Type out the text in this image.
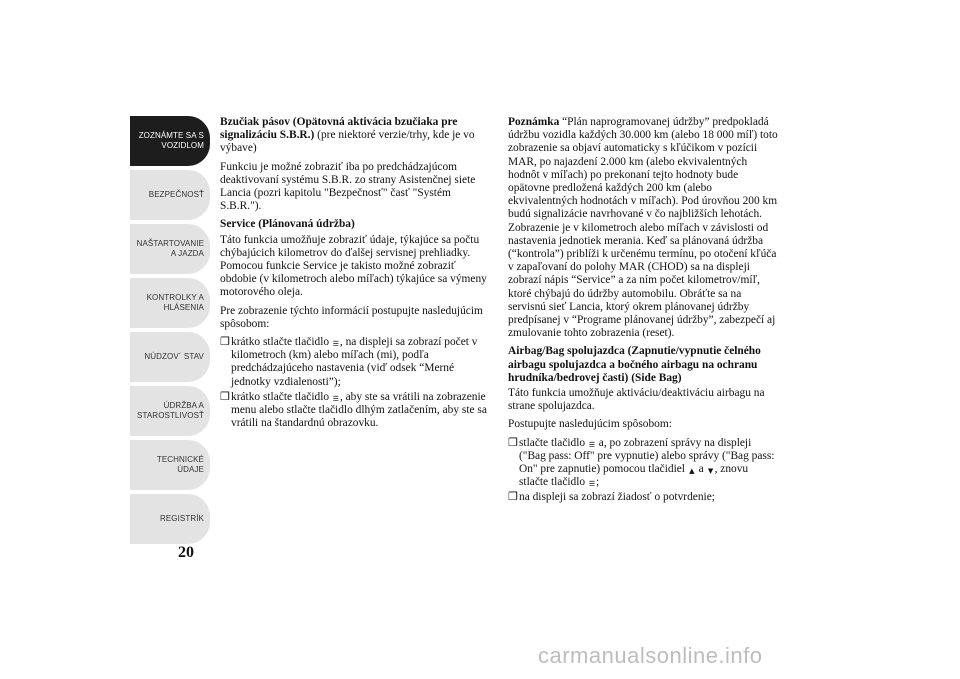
ZOZNÁMTE SA S VOZIDLOM
BEZPEČNOSŤ
NAŠTARTOVANIE A JAZDA
KONTROLKY A HLÁSENIA
NÚDZOV´ STAV
ÚDRŽBA A STAROSTLIVOSŤ
TECHNICKÉ ÚDAJE
REGISTRÍK
20

Bzučiak pásov (Opätovná aktivácia bzučiaka pre signalizáciu S.B.R.) (pre niektoré verzie/trhy, kde je vo výbave)

Funkciu je možné zobraziť iba po predchádzajúcom deaktivovaní systému S.B.R. zo strany Asistenčnej siete Lancia (pozri kapitolu "Bezpečnosť" časť "Systém S.B.R.").

Service (Plánovaná údržba)

Táto funkcia umožňuje zobraziť údaje, týkajúce sa počtu chýbajúcich kilometrov do ďalšej servisnej prehliadky. Pomocou funkcie Service je takisto možné zobraziť obdobie (v kilometroch alebo míľach) týkajúce sa výmeny motorového oleja.

Pre zobrazenie týchto informácií postupujte nasledujúcim spôsobom:

❒ krátko stlačte tlačidlo ☰, na displeji sa zobrazí počet v kilometroch (km) alebo míľach (mi), podľa predchádzajúceho nastavenia (viď odsek “Merné jednotky vzdialenosti”);
❒ krátko stlačte tlačidlo ☰, aby ste sa vrátili na zobrazenie menu alebo stlačte tlačidlo dlhým zatlačením, aby ste sa vrátili na štandardnú obrazovku.

Poznámka “Plán naprogramovanej údržby” predpokladá údržbu vozidla každých 30.000 km (alebo 18 000 míľ) toto zobrazenie sa objaví automaticky s kľúčikom v pozícii MAR, po najazdení 2.000 km (alebo ekvivalentných hodnôt v míľach) po prekonaní tejto hodnoty bude opätovne predložená každých 200 km (alebo ekvivalentných hodnotách v míľach). Pod úrovňou 200 km budú signalizácie navrhované v čo najbližších lehotách. Zobrazenie je v kilometroch alebo míľach v závislosti od nastavenia jednotiek merania. Keď sa plánovaná údržba (“kontrola”) priblíži k určenému termínu, po otočení kľúča v zapaľovaní do polohy MAR (CHOD) sa na displeji zobrazí nápis “Service” a za ním počet kilometrov/míľ, ktoré chýbajú do údržby automobilu. Obráťte sa na servisnú sieť Lancia, ktorý okrem plánovanej údržby predpísanej v “Programe plánovanej údržby”, zabezpečí aj zmulovanie tohto zobrazenia (reset).

Airbag/Bag spolujazdca (Zapnutie/vypnutie čelného airbagu spolujazdca a bočného airbagu na ochranu hrudníka/bedrovej časti) (Side Bag)

Táto funkcia umožňuje aktiváciu/deaktiváciu airbagu na strane spolujazdca.

Postupujte nasledujúcim spôsobom:

❒ stlačte tlačidlo ☰ a, po zobrazení správy na displeji ("Bag pass: Off" pre vypnutie) alebo správy ("Bag pass: On" pre zapnutie) pomocou tlačidiel ▲ a ▼, znovu stlačte tlačidlo ☰;
❒ na displeji sa zobrazí žiadosť o potvrdenie;
carmanualsonline.info
